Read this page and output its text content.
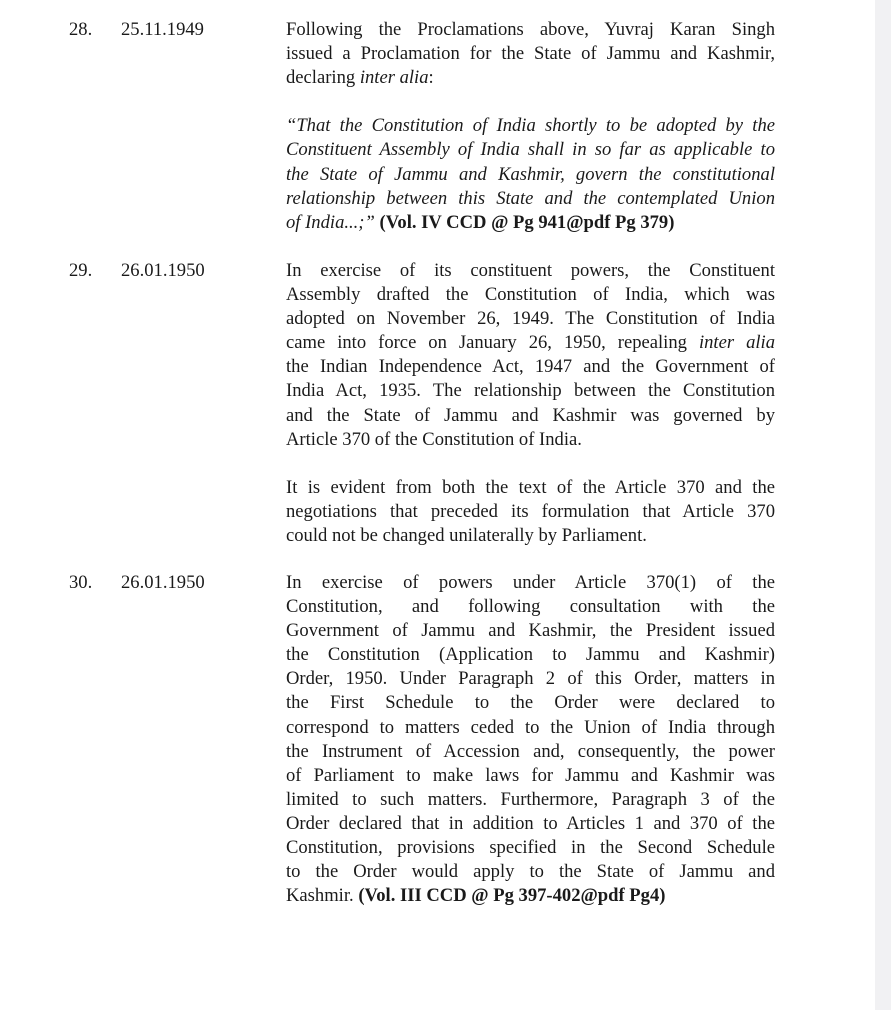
28. 25.11.1949	Following the Proclamations above, Yuvraj Karan Singh
issued a Proclamation for the State of Jammu and Kashmir,
declaring inter alia:
“That the Constitution of India shortly to be adopted by the
Constituent Assembly of India shall in so far as applicable to
the State of Jammu and Kashmir, govern the constitutional
relationship between this State and the contemplated Union
of India...;” (Vol. IV CCD @ Pg 941@pdf Pg 379)
29. 26.01.1950	In exercise of its constituent powers, the Constituent
Assembly drafted the Constitution of India, which was
adopted on November 26, 1949. The Constitution of India
came into force on January 26, 1950, repealing inter alia
the Indian Independence Act, 1947 and the Government of
India Act, 1935. The relationship between the Constitution
and the State of Jammu and Kashmir was governed by
Article 370 of the Constitution of India.
It is evident from both the text of the Article 370 and the
negotiations that preceded its formulation that Article 370
could not be changed unilaterally by Parliament.
30. 26.01.1950	In exercise of powers under Article 370(1) of the
Constitution, and following consultation with the
Government of Jammu and Kashmir, the President issued
the Constitution (Application to Jammu and Kashmir)
Order, 1950. Under Paragraph 2 of this Order, matters in
the First Schedule to the Order were declared to
correspond to matters ceded to the Union of India through
the Instrument of Accession and, consequently, the power
of Parliament to make laws for Jammu and Kashmir was
limited to such matters. Furthermore, Paragraph 3 of the
Order declared that in addition to Articles 1 and 370 of the
Constitution, provisions specified in the Second Schedule
to the Order would apply to the State of Jammu and
Kashmir. (Vol. III CCD @ Pg 397-402@pdf Pg4)
